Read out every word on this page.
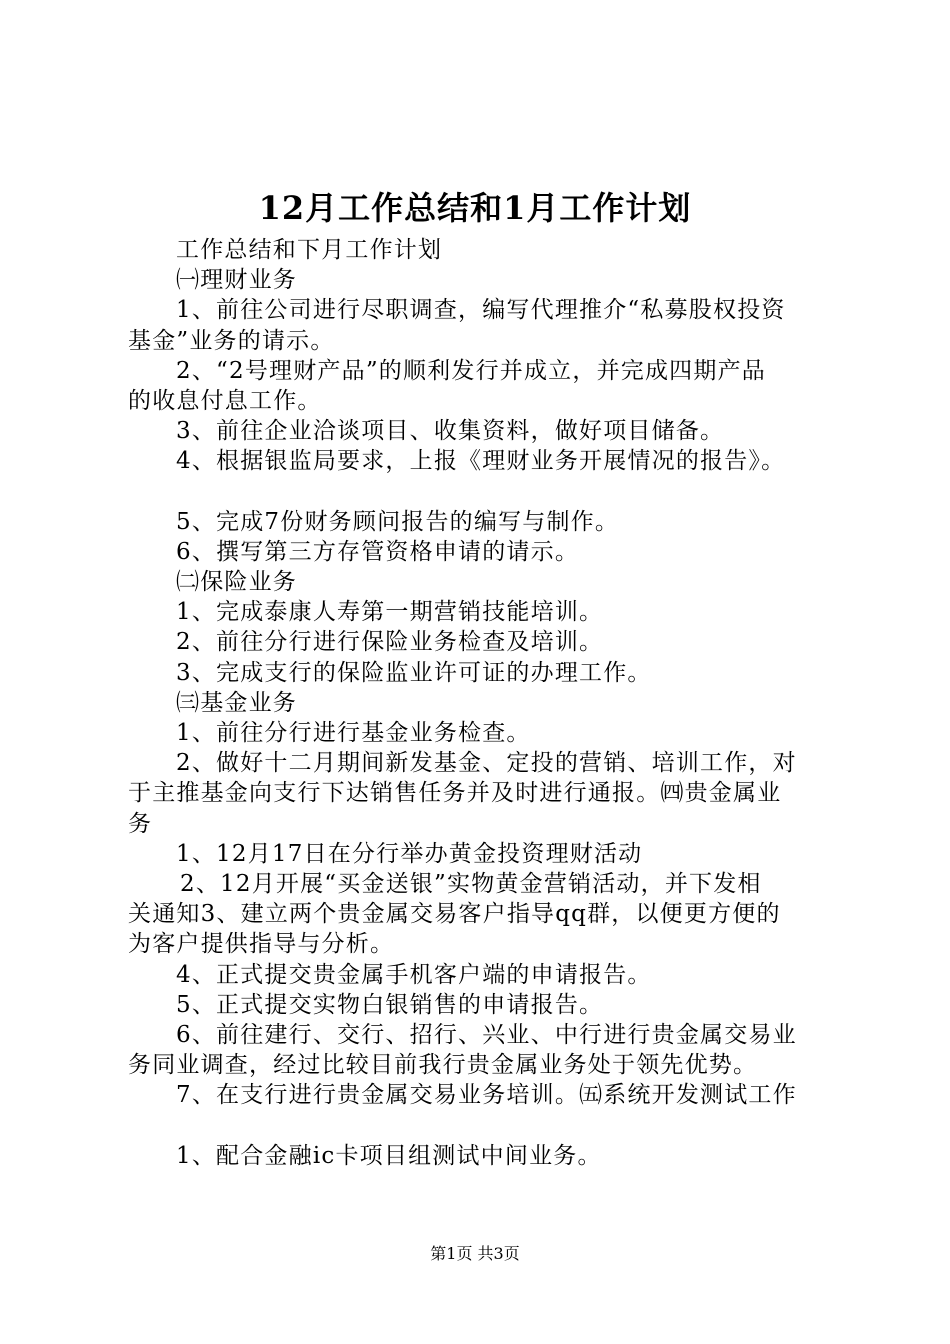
12月工作总结和1月工作计划
工作总结和下月工作计划
㈠理财业务
1、前往公司进行尽职调查，编写代理推介“私募股权投资
基金”业务的请示。
2、“2号理财产品”的顺利发行并成立，并完成四期产品
的收息付息工作。
3、前往企业洽谈项目、收集资料，做好项目储备。
4、根据银监局要求，上报《理财业务开展情况的报告》。
5、完成7份财务顾问报告的编写与制作。
6、撰写第三方存管资格申请的请示。
㈡保险业务
1、完成泰康人寿第一期营销技能培训。
2、前往分行进行保险业务检查及培训。
3、完成支行的保险监业许可证的办理工作。
㈢基金业务
1、前往分行进行基金业务检查。
2、做好十二月期间新发基金、定投的营销、培训工作，对
于主推基金向支行下达销售任务并及时进行通报。㈣贵金属业
务
1、12月17日在分行举办黄金投资理财活动
2、12月开展“买金送银”实物黄金营销活动，并下发相
关通知3、建立两个贵金属交易客户指导qq群，以便更方便的
为客户提供指导与分析。
4、正式提交贵金属手机客户端的申请报告。
5、正式提交实物白银销售的申请报告。
6、前往建行、交行、招行、兴业、中行进行贵金属交易业
务同业调查，经过比较目前我行贵金属业务处于领先优势。
7、在支行进行贵金属交易业务培训。㈤系统开发测试工作
1、配合金融ic卡项目组测试中间业务。
第1页 共3页
